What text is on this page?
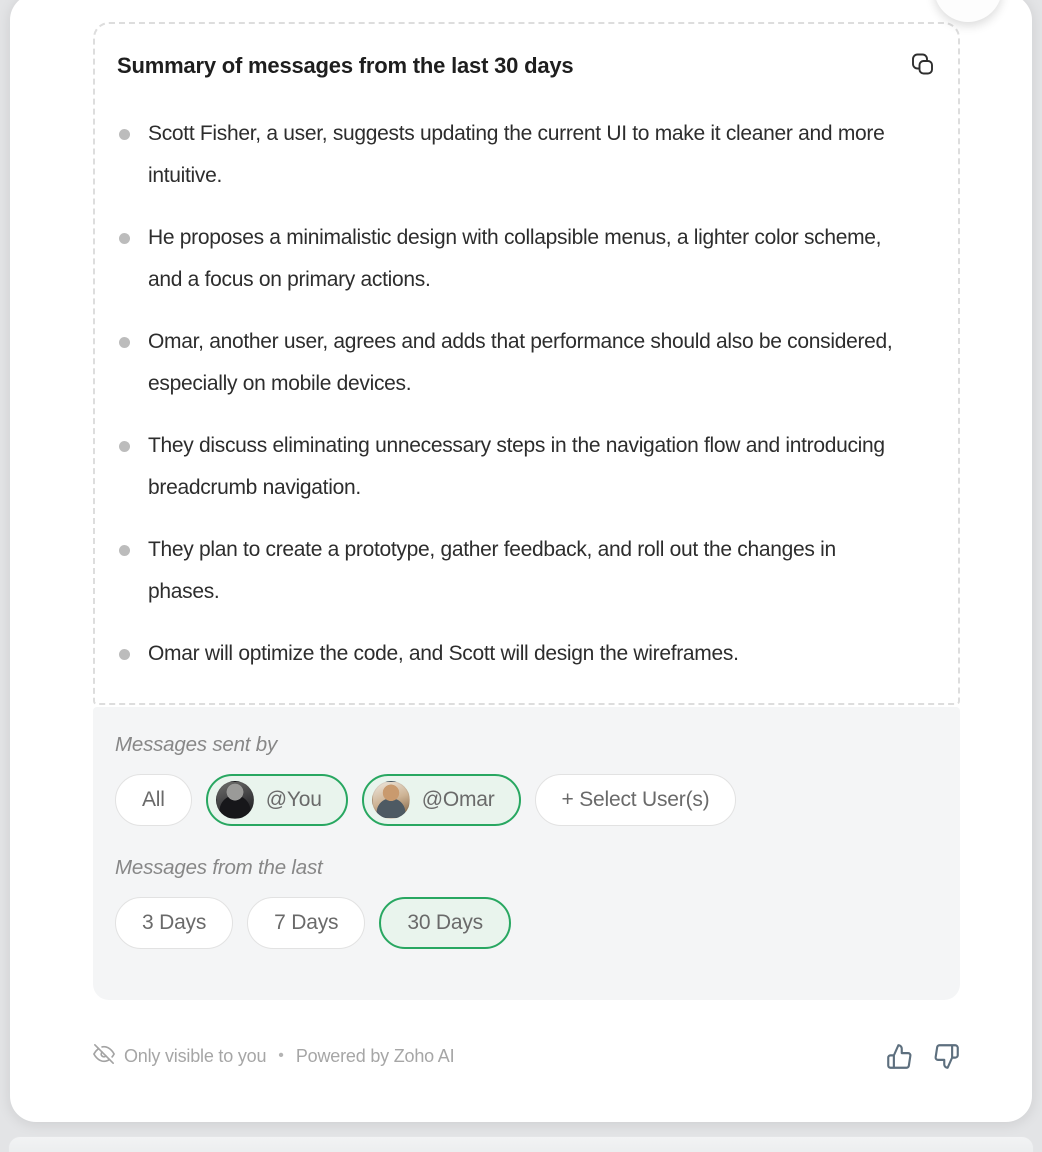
Summary of messages from the last 30 days
Scott Fisher, a user, suggests updating the current UI to make it cleaner and more intuitive.
He proposes a minimalistic design with collapsible menus, a lighter color scheme, and a focus on primary actions.
Omar, another user, agrees and adds that performance should also be considered, especially on mobile devices.
They discuss eliminating unnecessary steps in the navigation flow and introducing breadcrumb navigation.
They plan to create a prototype, gather feedback, and roll out the changes in phases.
Omar will optimize the code, and Scott will design the wireframes.
Messages sent by
All	@You	@Omar	+ Select User(s)
Messages from the last
3 Days	7 Days	30 Days
Only visible to you • Powered by Zoho AI
